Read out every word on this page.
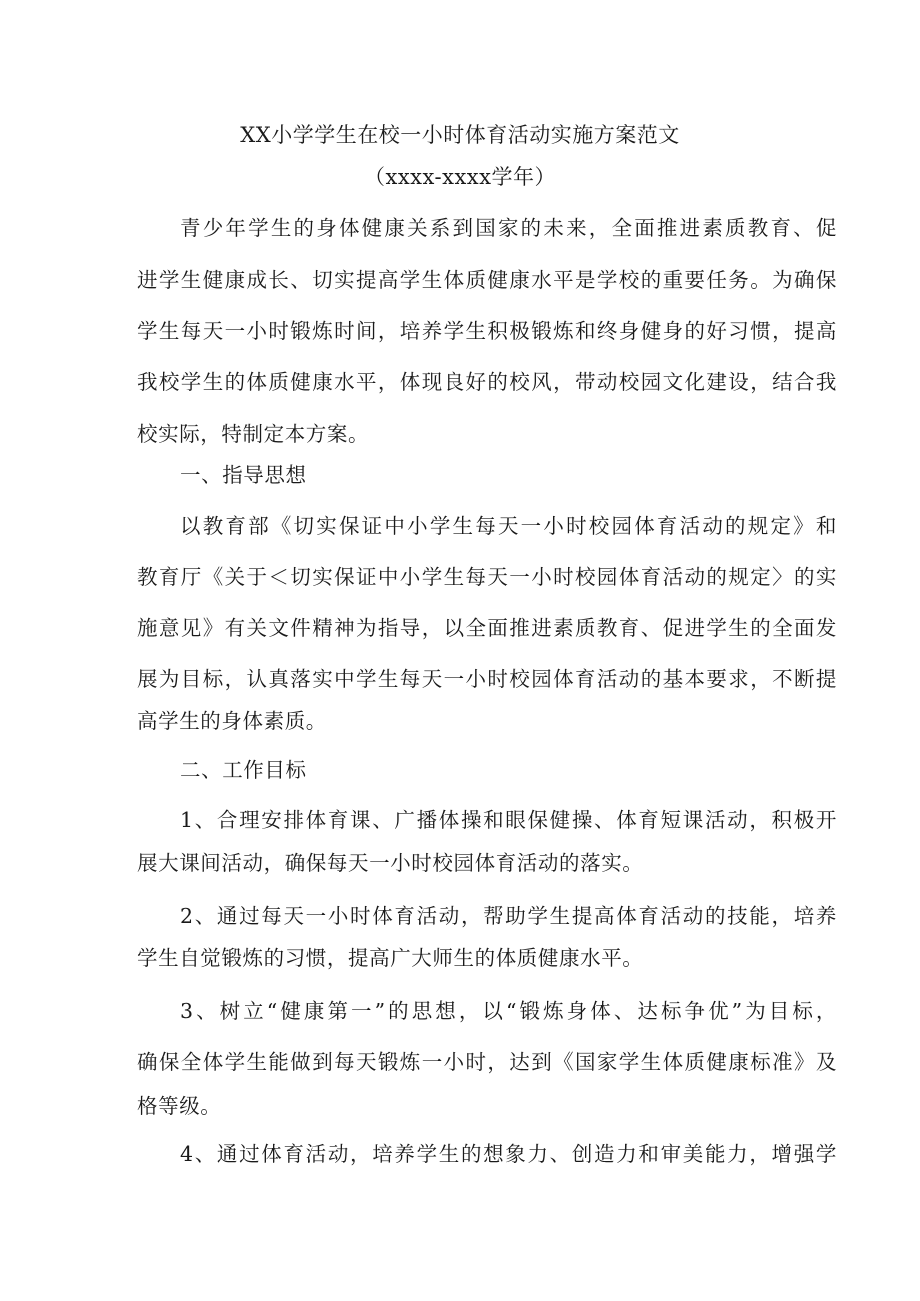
XX小学学生在校一小时体育活动实施方案范文
（xxxx-xxxx学年）
青少年学生的身体健康关系到国家的未来，全面推进素质教育、促
进学生健康成长、切实提高学生体质健康水平是学校的重要任务。为确保
学生每天一小时锻炼时间，培养学生积极锻炼和终身健身的好习惯，提高
我校学生的体质健康水平，体现良好的校风，带动校园文化建设，结合我
校实际，特制定本方案。
一、指导思想
以教育部《切实保证中小学生每天一小时校园体育活动的规定》和
教育厅《关于＜切实保证中小学生每天一小时校园体育活动的规定〉的实
施意见》有关文件精神为指导，以全面推进素质教育、促进学生的全面发
展为目标，认真落实中学生每天一小时校园体育活动的基本要求，不断提
高学生的身体素质。
二、工作目标
1、合理安排体育课、广播体操和眼保健操、体育短课活动，积极开
展大课间活动，确保每天一小时校园体育活动的落实。
2、通过每天一小时体育活动，帮助学生提高体育活动的技能，培养
学生自觉锻炼的习惯，提高广大师生的体质健康水平。
3、树立“健康第一”的思想，以“锻炼身体、达标争优”为目标，
确保全体学生能做到每天锻炼一小时，达到《国家学生体质健康标准》及
格等级。
4、通过体育活动，培养学生的想象力、创造力和审美能力，增强学
